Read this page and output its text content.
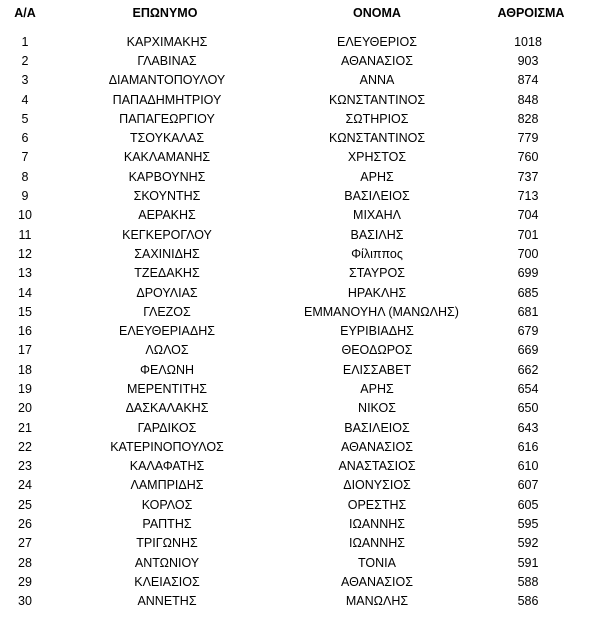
Α/Α	ΕΠΩΝΥΜΟ	ΟΝΟΜΑ	ΑΘΡΟΙΣΜΑ
1	ΚΑΡΧΙΜΑΚΗΣ	ΕΛΕΥΘΕΡΙΟΣ	1018
2	ΓΛΑΒΙΝΑΣ	ΑΘΑΝΑΣΙΟΣ	903
3	ΔΙΑΜΑΝΤΟΠΟΥΛΟΥ	ΑΝΝΑ	874
4	ΠΑΠΑΔΗΜΗΤΡΙΟΥ	ΚΩΝΣΤΑΝΤΙΝΟΣ	848
5	ΠΑΠΑΓΕΩΡΓΙΟΥ	ΣΩΤΗΡΙΟΣ	828
6	ΤΣΟΥΚΑΛΑΣ	ΚΩΝΣΤΑΝΤΙΝΟΣ	779
7	ΚΑΚΛΑΜΑΝΗΣ	ΧΡΗΣΤΟΣ	760
8	ΚΑΡΒΟΥΝΗΣ	ΑΡΗΣ	737
9	ΣΚΟΥΝΤΗΣ	ΒΑΣΙΛΕΙΟΣ	713
10	ΑΕΡΑΚΗΣ	ΜΙΧΑΗΛ	704
11	ΚΕΓΚΕΡΟΓΛΟΥ	ΒΑΣΙΛΗΣ	701
12	ΣΑΧΙΝΙΔΗΣ	Φίλιππος	700
13	ΤΖΕΔΑΚΗΣ	ΣΤΑΥΡΟΣ	699
14	ΔΡΟΥΛΙΑΣ	ΗΡΑΚΛΗΣ	685
15	ΓΛΕΖΟΣ	ΕΜΜΑΝΟΥΗΛ (ΜΑΝΩΛΗΣ)	681
16	ΕΛΕΥΘΕΡΙΑΔΗΣ	ΕΥΡΙΒΙΑΔΗΣ	679
17	ΛΩΛΟΣ	ΘΕΟΔΩΡΟΣ	669
18	ΦΕΛΩΝΗ	ΕΛΙΣΣΑΒΕΤ	662
19	ΜΕΡΕΝΤΙΤΗΣ	ΑΡΗΣ	654
20	ΔΑΣΚΑΛΑΚΗΣ	ΝΙΚΟΣ	650
21	ΓΑΡΔΙΚΟΣ	ΒΑΣΙΛΕΙΟΣ	643
22	ΚΑΤΕΡΙΝΟΠΟΥΛΟΣ	ΑΘΑΝΑΣΙΟΣ	616
23	ΚΑΛΑΦΑΤΗΣ	ΑΝΑΣΤΑΣΙΟΣ	610
24	ΛΑΜΠΡΙΔΗΣ	ΔΙΟΝΥΣΙΟΣ	607
25	ΚΟΡΛΟΣ	ΟΡΕΣΤΗΣ	605
26	ΡΑΠΤΗΣ	ΙΩΑΝΝΗΣ	595
27	ΤΡΙΓΩΝΗΣ	ΙΩΑΝΝΗΣ	592
28	ΑΝΤΩΝΙΟΥ	ΤΟΝΙΑ	591
29	ΚΛΕΙΑΣΙΟΣ	ΑΘΑΝΑΣΙΟΣ	588
30	ΑΝΝΕΤΗΣ	ΜΑΝΩΛΗΣ	586
